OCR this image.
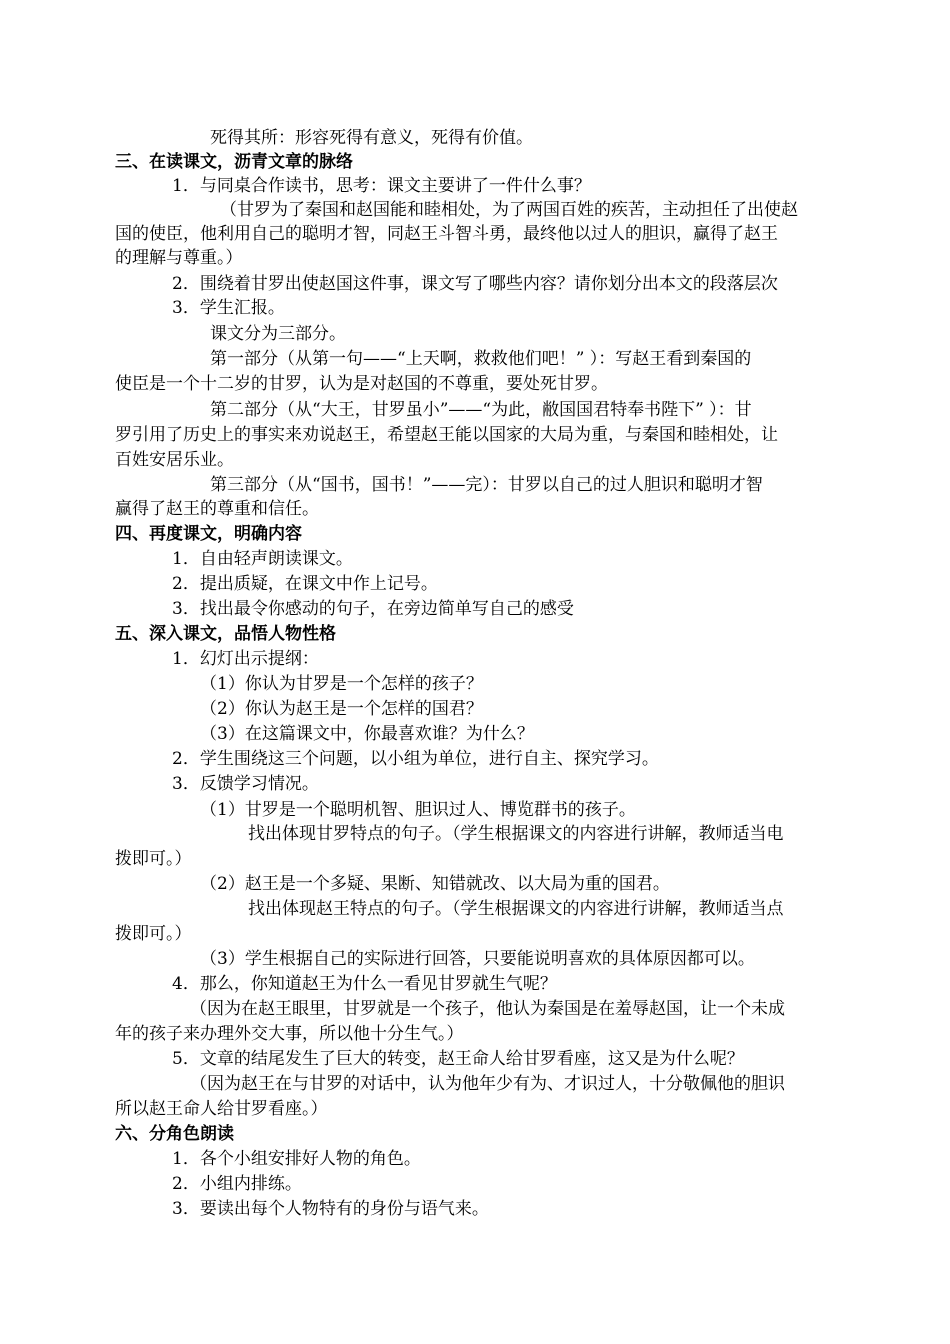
死得其所：形容死得有意义，死得有价值。
三、在读课文，沥青文章的脉络
1．与同桌合作读书，思考：课文主要讲了一件什么事？
（甘罗为了秦国和赵国能和睦相处，为了两国百姓的疾苦，主动担任了出使赵
国的使臣，他利用自己的聪明才智，同赵王斗智斗勇，最终他以过人的胆识，赢得了赵王
的理解与尊重。）
2．围绕着甘罗出使赵国这件事，课文写了哪些内容？请你划分出本文的段落层次
3．学生汇报。
课文分为三部分。
第一部分（从第一句——“上天啊，救救他们吧！” ）：写赵王看到秦国的
使臣是一个十二岁的甘罗，认为是对赵国的不尊重，要处死甘罗。
第二部分（从“大王，甘罗虽小”——“为此，敝国国君特奉书陛下” ）：甘
罗引用了历史上的事实来劝说赵王，希望赵王能以国家的大局为重，与秦国和睦相处，让
百姓安居乐业。
第三部分（从“国书，国书！”——完）：甘罗以自己的过人胆识和聪明才智
赢得了赵王的尊重和信任。
四、再度课文，明确内容
1．自由轻声朗读课文。
2．提出质疑，在课文中作上记号。
3．找出最令你感动的句子，在旁边简单写自己的感受
五、深入课文，品悟人物性格
1．幻灯出示提纲：
（1）你认为甘罗是一个怎样的孩子？
（2）你认为赵王是一个怎样的国君？
（3）在这篇课文中，你最喜欢谁？为什么？
2．学生围绕这三个问题，以小组为单位，进行自主、探究学习。
3．反馈学习情况。
（1）甘罗是一个聪明机智、胆识过人、博览群书的孩子。
找出体现甘罗特点的句子。（学生根据课文的内容进行讲解，教师适当电
拨即可。）
（2）赵王是一个多疑、果断、知错就改、以大局为重的国君。
找出体现赵王特点的句子。（学生根据课文的内容进行讲解，教师适当点
拨即可。）
（3）学生根据自己的实际进行回答，只要能说明喜欢的具体原因都可以。
4．那么，你知道赵王为什么一看见甘罗就生气呢？
（因为在赵王眼里，甘罗就是一个孩子，他认为秦国是在羞辱赵国，让一个未成
年的孩子来办理外交大事，所以他十分生气。）
5．文章的结尾发生了巨大的转变，赵王命人给甘罗看座，这又是为什么呢？
（因为赵王在与甘罗的对话中，认为他年少有为、才识过人，十分敬佩他的胆识
所以赵王命人给甘罗看座。）
六、分角色朗读
1．各个小组安排好人物的角色。
2．小组内排练。
3．要读出每个人物特有的身份与语气来。
